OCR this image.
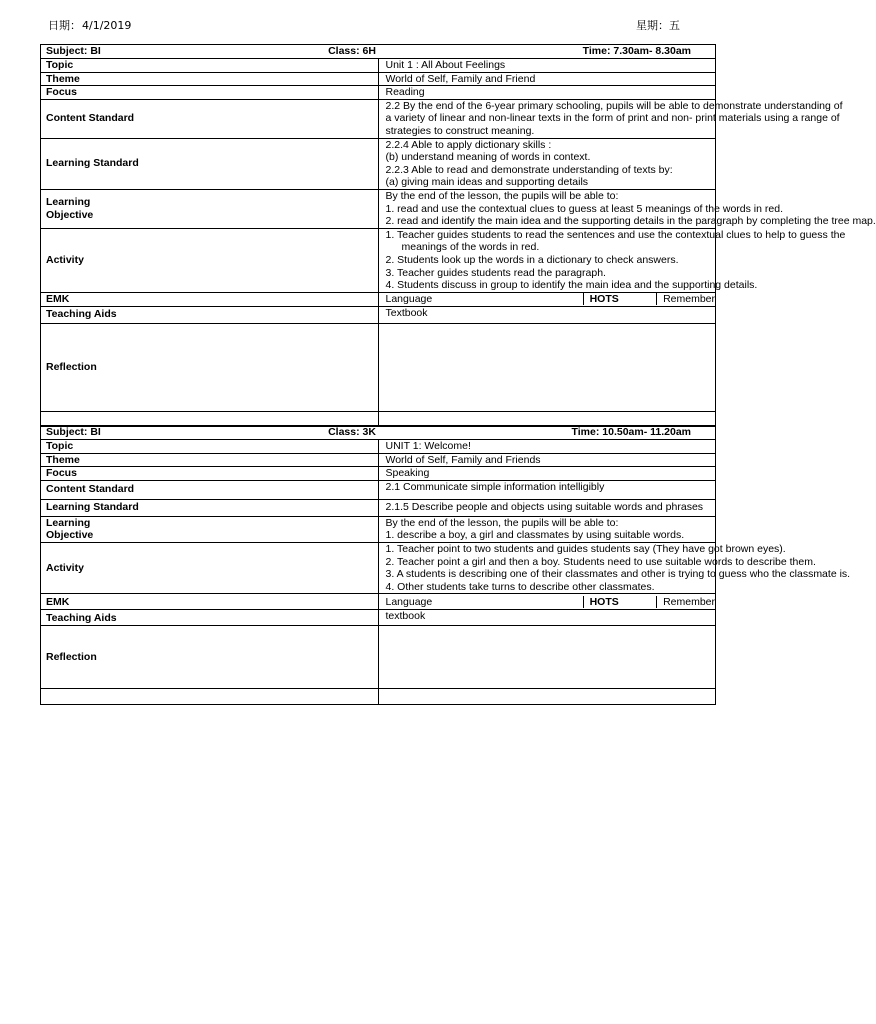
日期：4/1/2019	星期：五
Subject: BI Class: 6H Time: 7.30am- 8.30am	

Topic	Unit 1 : All About Feelings
Theme	World of Self, Family and Friend
Focus	Reading
Content Standard	2.2 By the end of the 6-year primary schooling, pupils will be able to demonstrate understanding of
a variety of linear and non-linear texts in the form of print and non- print materials using a range of
strategies to construct meaning.

Learning Standard	2.2.4 Able to apply dictionary skills :
(b) understand meaning of words in context.
2.2.3 Able to read and demonstrate understanding of texts by:
(a) giving main ideas and supporting details

Learning
Objective	By the end of the lesson, the pupils will be able to:
1. read and use the contextual clues to guess at least 5 meanings of the words in red.
2. read and identify the main idea and the supporting details in the paragraph by completing the tree map.

Activity	1. Teacher guides students to read the sentences and use the contextual clues to help to guess the
meanings of the words in red.
2. Students look up the words in a dictionary to check answers.
3. Teacher guides students read the paragraph.
4. Students discuss in group to identify the main idea and the supporting details.

EMK	Language HOTS Remember

Teaching Aids	Textbook
Reflection	

Subject: BI Class: 3K Time: 10.50am- 11.20am	

Topic	UNIT 1: Welcome!
Theme	World of Self, Family and Friends
Focus	Speaking
Content Standard	2.1 Communicate simple information intelligibly

Learning Standard	2.1.5 Describe people and objects using suitable words and phrases

Learning
Objective	By the end of the lesson, the pupils will be able to:
1. describe a boy, a girl and classmates by using suitable words.

Activity	1. Teacher point to two students and guides students say (They have got brown eyes).
2. Teacher point a girl and then a boy. Students need to use suitable words to describe them.
3. A students is describing one of their classmates and other is trying to guess who the classmate is.
4. Other students take turns to describe other classmates.

EMK	Language HOTS Remember

Teaching Aids	textbook
Reflection	
